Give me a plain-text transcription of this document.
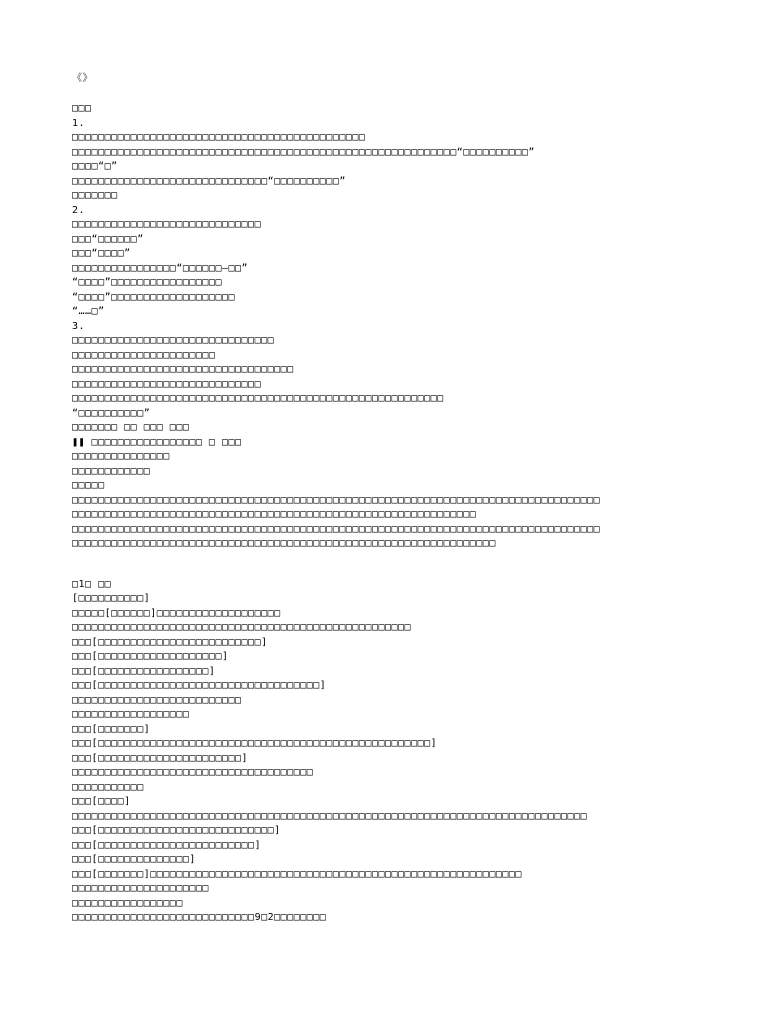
《》
□□□
1.
□□□□□□□□□□□□□□□□□□□□□□□□□□□□□□□□□□□□□□□□□□□□□
□□□□□□□□□□□□□□□□□□□□□□□□□□□□□□□□□□□□□□□□□□□□□□□□□□□□□□□□□□□“□□□□□□□□□□”
□□□□“□”
□□□□□□□□□□□□□□□□□□□□□□□□□□□□□□“□□□□□□□□□□”
□□□□□□□
2.
□□□□□□□□□□□□□□□□□□□□□□□□□□□□□
□□□“□□□□□□”
□□□“□□□□”
□□□□□□□□□□□□□□□□“□□□□□□—□□”
“□□□□”□□□□□□□□□□□□□□□□□
“□□□□”□□□□□□□□□□□□□□□□□□□
“……□”
3.
□□□□□□□□□□□□□□□□□□□□□□□□□□□□□□□
□□□□□□□□□□□□□□□□□□□□□□
□□□□□□□□□□□□□□□□□□□□□□□□□□□□□□□□□□
□□□□□□□□□□□□□□□□□□□□□□□□□□□□□
□□□□□□□□□□□□□□□□□□□□□□□□□□□□□□□□□□□□□□□□□□□□□□□□□□□□□□□□□
“□□□□□□□□□□”
□□□□□□□ □□ □□□ □□□
❚❚ □□□□□□□□□□□□□□□□□ □ □□□
□□□□□□□□□□□□□□□
□□□□□□□□□□□□
□□□□□
□□□□□□□□□□□□□□□□□□□□□□□□□□□□□□□□□□□□□□□□□□□□□□□□□□□□□□□□□□□□□□□□□□□□□□□□□□□□□□□□□
□□□□□□□□□□□□□□□□□□□□□□□□□□□□□□□□□□□□□□□□□□□□□□□□□□□□□□□□□□□□□□
□□□□□□□□□□□□□□□□□□□□□□□□□□□□□□□□□□□□□□□□□□□□□□□□□□□□□□□□□□□□□□□□□□□□□□□□□□□□□□□□□
□□□□□□□□□□□□□□□□□□□□□□□□□□□□□□□□□□□□□□□□□□□□□□□□□□□□□□□□□□□□□□□□□
□1□ □□
[□□□□□□□□□□]
□□□□□[□□□□□□]□□□□□□□□□□□□□□□□□□□
□□□□□□□□□□□□□□□□□□□□□□□□□□□□□□□□□□□□□□□□□□□□□□□□□□□□
□□□[□□□□□□□□□□□□□□□□□□□□□□□□□]
□□□[□□□□□□□□□□□□□□□□□□□]
□□□[□□□□□□□□□□□□□□□□□]
□□□[□□□□□□□□□□□□□□□□□□□□□□□□□□□□□□□□□□]
□□□□□□□□□□□□□□□□□□□□□□□□□□
□□□□□□□□□□□□□□□□□□
□□□[□□□□□□□]
□□□[□□□□□□□□□□□□□□□□□□□□□□□□□□□□□□□□□□□□□□□□□□□□□□□□□□□]
□□□[□□□□□□□□□□□□□□□□□□□□□□]
□□□□□□□□□□□□□□□□□□□□□□□□□□□□□□□□□□□□□
□□□□□□□□□□□
□□□[□□□□]
□□□□□□□□□□□□□□□□□□□□□□□□□□□□□□□□□□□□□□□□□□□□□□□□□□□□□□□□□□□□□□□□□□□□□□□□□□□□□□□
□□□[□□□□□□□□□□□□□□□□□□□□□□□□□□□]
□□□[□□□□□□□□□□□□□□□□□□□□□□□□]
□□□[□□□□□□□□□□□□□□]
□□□[□□□□□□□]□□□□□□□□□□□□□□□□□□□□□□□□□□□□□□□□□□□□□□□□□□□□□□□□□□□□□□□□□
□□□□□□□□□□□□□□□□□□□□□
□□□□□□□□□□□□□□□□□
□□□□□□□□□□□□□□□□□□□□□□□□□□□□9□2□□□□□□□□
